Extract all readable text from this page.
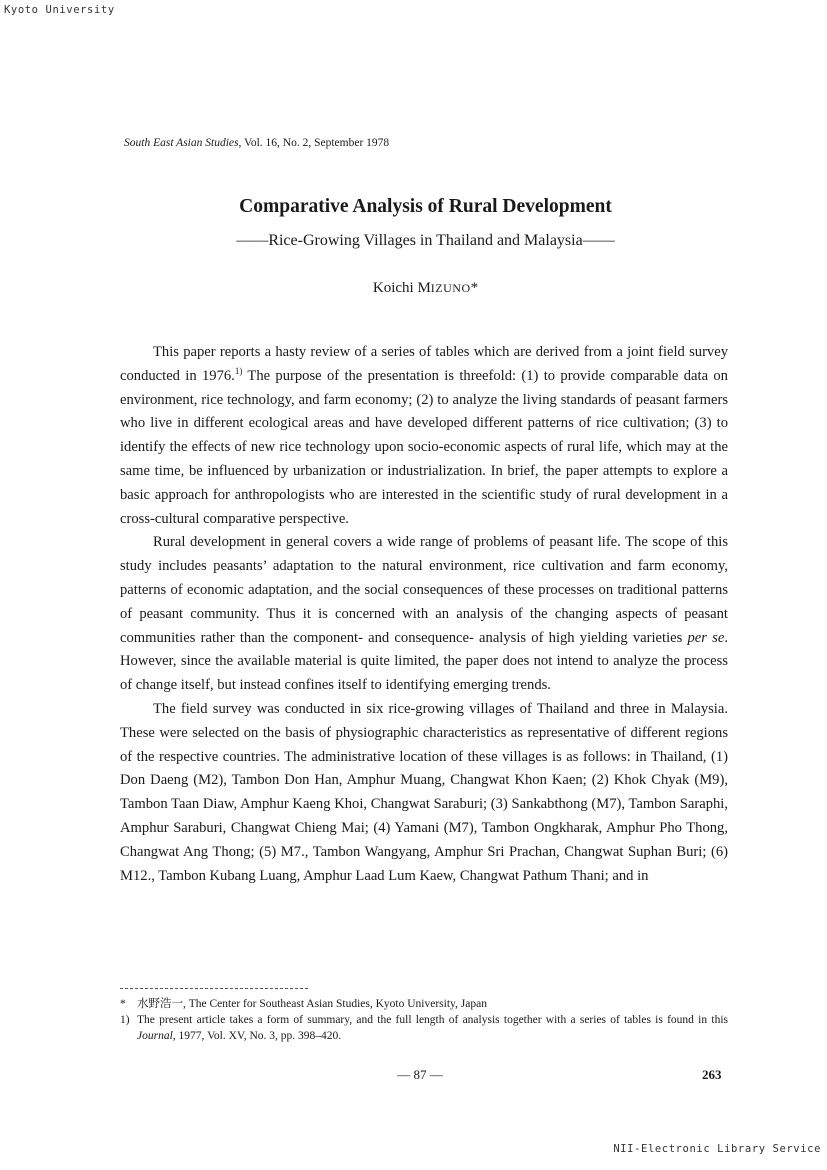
Kyoto University
South East Asian Studies, Vol. 16, No. 2, September 1978
Comparative Analysis of Rural Development
——Rice-Growing Villages in Thailand and Malaysia——
Koichi MIZUNO*

This paper reports a hasty review of a series of tables which are derived from a joint field survey conducted in 1976.$^{1)}$ The purpose of the presentation is threefold: (1) to provide comparable data on environment, rice technology, and farm economy; (2) to analyze the living standards of peasant farmers who live in different ecological areas and have developed different patterns of rice cultivation; (3) to identify the effects of new rice technology upon socio-economic aspects of rural life, which may at the same time, be influenced by urbanization or industrialization. In brief, the paper attempts to explore a basic approach for anthropologists who are interested in the scientific study of rural development in a cross-cultural comparative perspective.

Rural development in general covers a wide range of problems of peasant life. The scope of this study includes peasants’ adaptation to the natural environment, rice cultivation and farm economy, patterns of economic adaptation, and the social consequences of these processes on traditional patterns of peasant community. Thus it is concerned with an analysis of the changing aspects of peasant communities rather than the component- and consequence- analysis of high yielding varieties per se. However, since the available material is quite limited, the paper does not intend to analyze the process of change itself, but instead confines itself to identifying emerging trends.

The field survey was conducted in six rice-growing villages of Thailand and three in Malaysia. These were selected on the basis of physiographic characteristics as representative of different regions of the respective countries. The administrative location of these villages is as follows: in Thailand, (1) Don Daeng (M2), Tambon Don Han, Amphur Muang, Changwat Khon Kaen; (2) Khok Chyak (M9), Tambon Taan Diaw, Amphur Kaeng Khoi, Changwat Saraburi; (3) Sankabthong (M7), Tambon Saraphi, Amphur Saraburi, Changwat Chieng Mai; (4) Yamani (M7), Tambon Ongkharak, Amphur Pho Thong, Changwat Ang Thong; (5) M7., Tambon Wangyang, Amphur Sri Prachan, Changwat Suphan Buri; (6) M12., Tambon Kubang Luang, Amphur Laad Lum Kaew, Changwat Pathum Thani; and in

* 水野浩一, The Center for Southeast Asian Studies, Kyoto University, Japan
1) The present article takes a form of summary, and the full length of analysis together with a series of tables is found in this Journal, 1977, Vol. XV, No. 3, pp. 398–420.
— 87 —	263
NII-Electronic Library Service
